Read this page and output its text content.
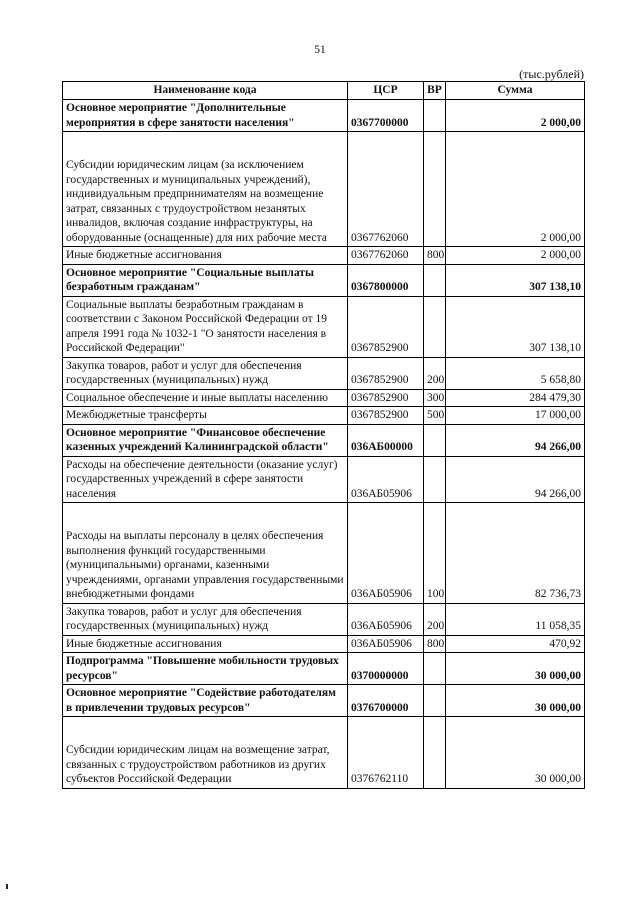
51
(тыс.рублей)
Наименование кода	ЦСР	ВР	Сумма
Основное мероприятие "Дополнительные мероприятия в сфере занятости населения"	0367700000		2 000,00
Субсидии юридическим лицам (за исключением государственных и муниципальных учреждений), индивидуальным предпринимателям на возмещение затрат, связанных с трудоустройством незанятых инвалидов, включая создание инфраструктуры, на оборудованные (оснащенные) для них рабочие места	0367762060		2 000,00
Иные бюджетные ассигнования	0367762060	800	2 000,00
Основное мероприятие "Социальные выплаты безработным гражданам"	0367800000		307 138,10
Социальные выплаты безработным гражданам в соответствии с Законом Российской Федерации от 19 апреля 1991 года № 1032-1 "О занятости населения в Российской Федерации"	0367852900		307 138,10
Закупка товаров, работ и услуг для обеспечения государственных (муниципальных) нужд	0367852900	200	5 658,80
Социальное обеспечение и иные выплаты населению	0367852900	300	284 479,30
Межбюджетные трансферты	0367852900	500	17 000,00
Основное мероприятие "Финансовое обеспечение казенных учреждений Калининградской области"	036АБ00000		94 266,00
Расходы на обеспечение деятельности (оказание услуг) государственных учреждений в сфере занятости населения	036АБ05906		94 266,00
Расходы на выплаты персоналу в целях обеспечения выполнения функций государственными (муниципальными) органами, казенными учреждениями, органами управления государственными внебюджетными фондами	036АБ05906	100	82 736,73
Закупка товаров, работ и услуг для обеспечения государственных (муниципальных) нужд	036АБ05906	200	11 058,35
Иные бюджетные ассигнования	036АБ05906	800	470,92
Подпрограмма "Повышение мобильности трудовых ресурсов"	0370000000		30 000,00
Основное мероприятие "Содействие работодателям в привлечении трудовых ресурсов"	0376700000		30 000,00
Субсидии юридическим лицам на возмещение затрат, связанных с трудоустройством работников из других субъектов Российской Федерации	0376762110		30 000,00
